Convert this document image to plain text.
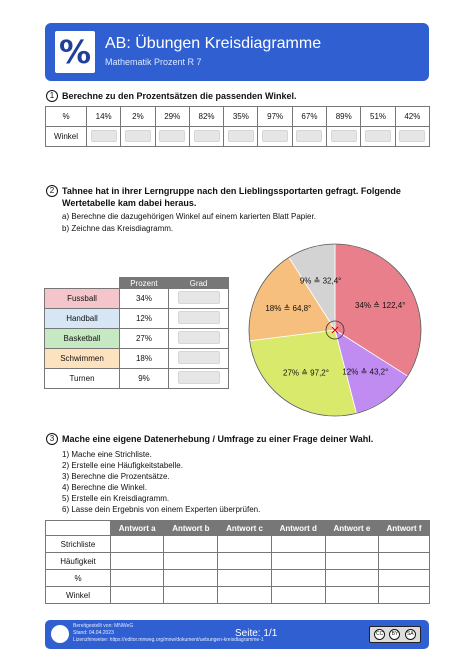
% AB: Übungen Kreisdiagramme
Mathematik Prozent R 7
1 Berechne zu den Prozentsätzen die passenden Winkel.
%	14%	2%	29%	82%	35%	97%	67%	89%	51%	42%
Winkel										
2 Tahnee hat in ihrer Lerngruppe nach den Lieblingssportarten gefragt. Folgende
Wertetabelle kam dabei heraus.
a) Berechne die dazugehörigen Winkel auf einem karierten Blatt Papier.
b) Zeichne das Kreisdiagramm.
	Prozent	Grad
Fussball	34%	
Handball	12%	
Basketball	27%	
Schwimmen	18%	
Turnen	9%	
34% ≙ 122,4°
12% ≙ 43,2°
27% ≙ 97,2°
18% ≙ 64,8°
9% ≙ 32,4°
3 Mache eine eigene Datenerhebung / Umfrage zu einer Frage deiner Wahl.
1) Mache eine Strichliste.
2) Erstelle eine Häufigkeitstabelle.
3) Berechne die Prozentsätze.
4) Berechne die Winkel.
5) Erstelle ein Kreisdiagramm.
6) Lasse dein Ergebnis von einem Experten überprüfen.
	Antwort a	Antwort b	Antwort c	Antwort d	Antwort e	Antwort f
Strichliste						
Häufigkeit						
%						
Winkel						
Bereitgestellt von: MNWeG
Stand: 04.04.2023
Lizenzhinweise: https://editor.mnweg.org/mnw/dokument/uebungen-kreisdiagramme-1
Seite: 1/1	CC	BY	SA
